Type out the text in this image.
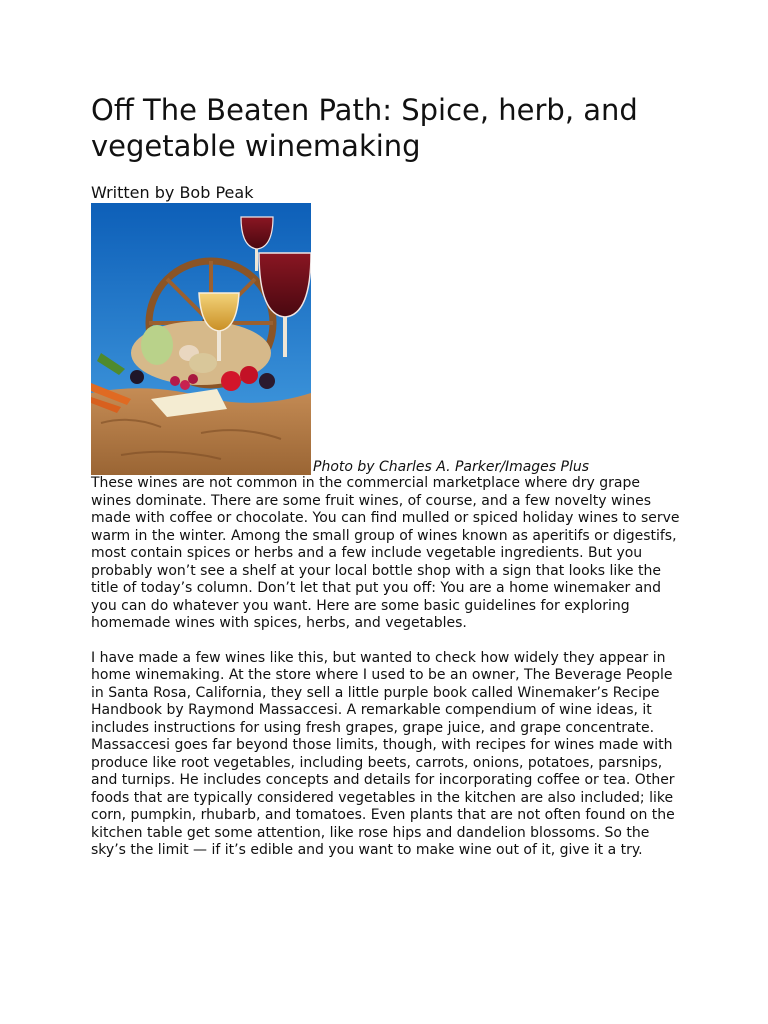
Off The Beaten Path: Spice, herb, and vegetable winemaking
Written by Bob Peak
Photo by Charles A. Parker/Images Plus

These wines are not common in the commercial marketplace where dry grape wines dominate. There are some fruit wines, of course, and a few novelty wines made with coffee or chocolate. You can find mulled or spiced holiday wines to serve warm in the winter. Among the small group of wines known as aperitifs or digestifs, most contain spices or herbs and a few include vegetable ingredients. But you probably won’t see a shelf at your local bottle shop with a sign that looks like the title of today’s column. Don’t let that put you off: You are a home winemaker and you can do whatever you want. Here are some basic guidelines for exploring homemade wines with spices, herbs, and vegetables.

I have made a few wines like this, but wanted to check how widely they appear in home winemaking. At the store where I used to be an owner, The Beverage People in Santa Rosa, California, they sell a little purple book called Winemaker’s Recipe Handbook by Raymond Massaccesi. A remarkable compendium of wine ideas, it includes instructions for using fresh grapes, grape juice, and grape concentrate. Massaccesi goes far beyond those limits, though, with recipes for wines made with produce like root vegetables, including beets, carrots, onions, potatoes, parsnips, and turnips. He includes concepts and details for incorporating coffee or tea. Other foods that are typically considered vegetables in the kitchen are also included; like corn, pumpkin, rhubarb, and tomatoes. Even plants that are not often found on the kitchen table get some attention, like rose hips and dandelion blossoms. So the sky’s the limit — if it’s edible and you want to make wine out of it, give it a try.
